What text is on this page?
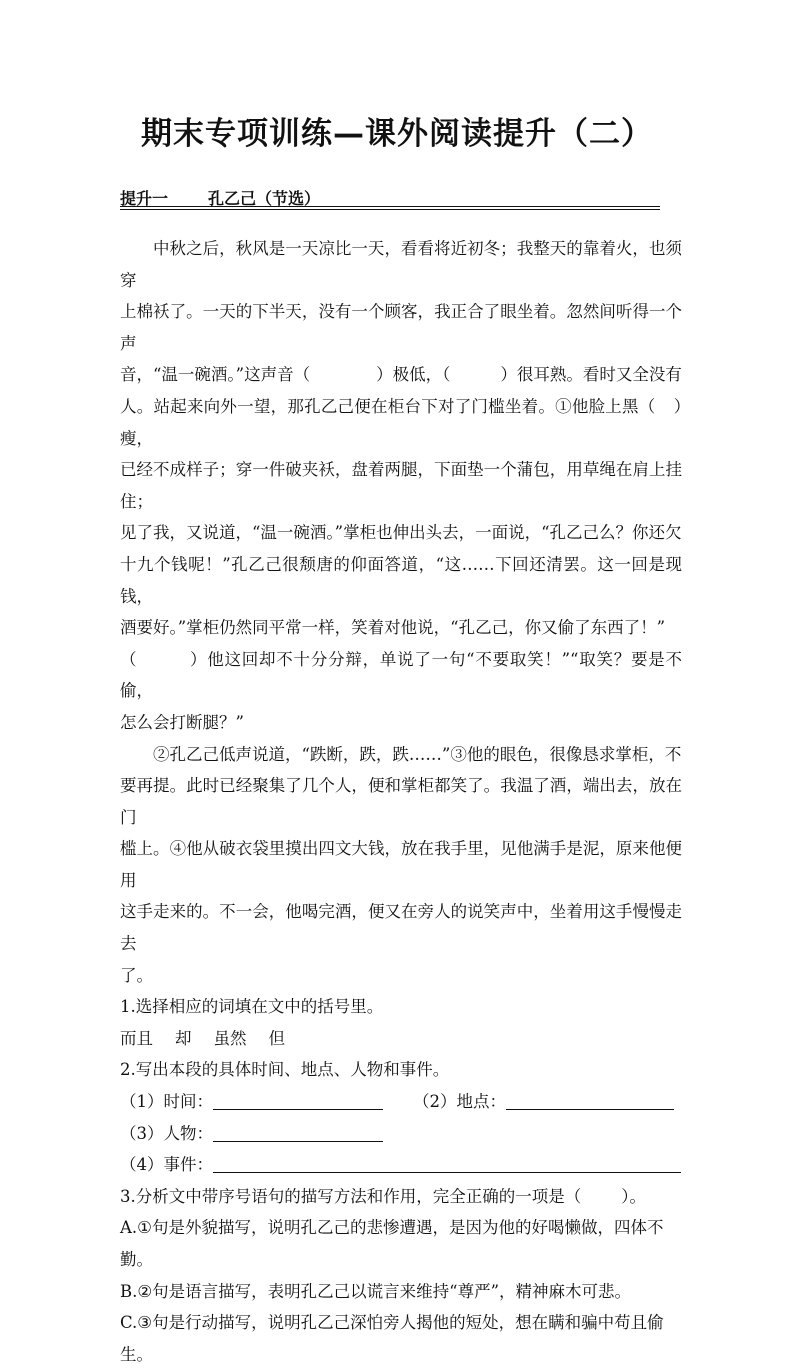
期末专项训练—课外阅读提升（二）
提升一	孔乙己（节选）

中秋之后，秋风是一天凉比一天，看看将近初冬；我整天的靠着火，也须穿

上棉袄了。一天的下半天，没有一个顾客，我正合了眼坐着。忽然间听得一个声

音，“温一碗酒。”这声音（	）极低，（	）很耳熟。看时又全没有

人。站起来向外一望，那孔乙己便在柜台下对了门槛坐着。①他脸上黑（ ）瘦，

已经不成样子；穿一件破夹袄，盘着两腿，下面垫一个蒲包，用草绳在肩上挂住；

见了我，又说道，“温一碗酒。”掌柜也伸出头去，一面说，“孔乙己么？你还欠

十九个钱呢！”孔乙己很颓唐的仰面答道，“这……下回还清罢。这一回是现钱，

酒要好。”掌柜仍然同平常一样，笑着对他说，“孔乙己，你又偷了东西了！”

（	）他这回却不十分分辩，单说了一句“不要取笑！”“取笑？要是不偷，

怎么会打断腿？”

②孔乙己低声说道，“跌断，跌，跌……”③他的眼色，很像恳求掌柜，不

要再提。此时已经聚集了几个人，便和掌柜都笑了。我温了酒，端出去，放在门

槛上。④他从破衣袋里摸出四文大钱，放在我手里，见他满手是泥，原来他便用

这手走来的。不一会，他喝完酒，便又在旁人的说笑声中，坐着用这手慢慢走去

了。

1.选择相应的词填在文中的括号里。

而且 却 虽然 但

2.写出本段的具体时间、地点、人物和事件。

（1）时间：	（2）地点：

（3）人物：

（4）事件：

3.分析文中带序号语句的描写方法和作用，完全正确的一项是（ ）。

A.①句是外貌描写，说明孔乙己的悲惨遭遇，是因为他的好喝懒做，四体不勤。

B.②句是语言描写，表明孔乙己以谎言来维持“尊严”，精神麻木可悲。

C.③句是行动描写，说明孔乙己深怕旁人揭他的短处，想在瞒和骗中苟且偷生。
